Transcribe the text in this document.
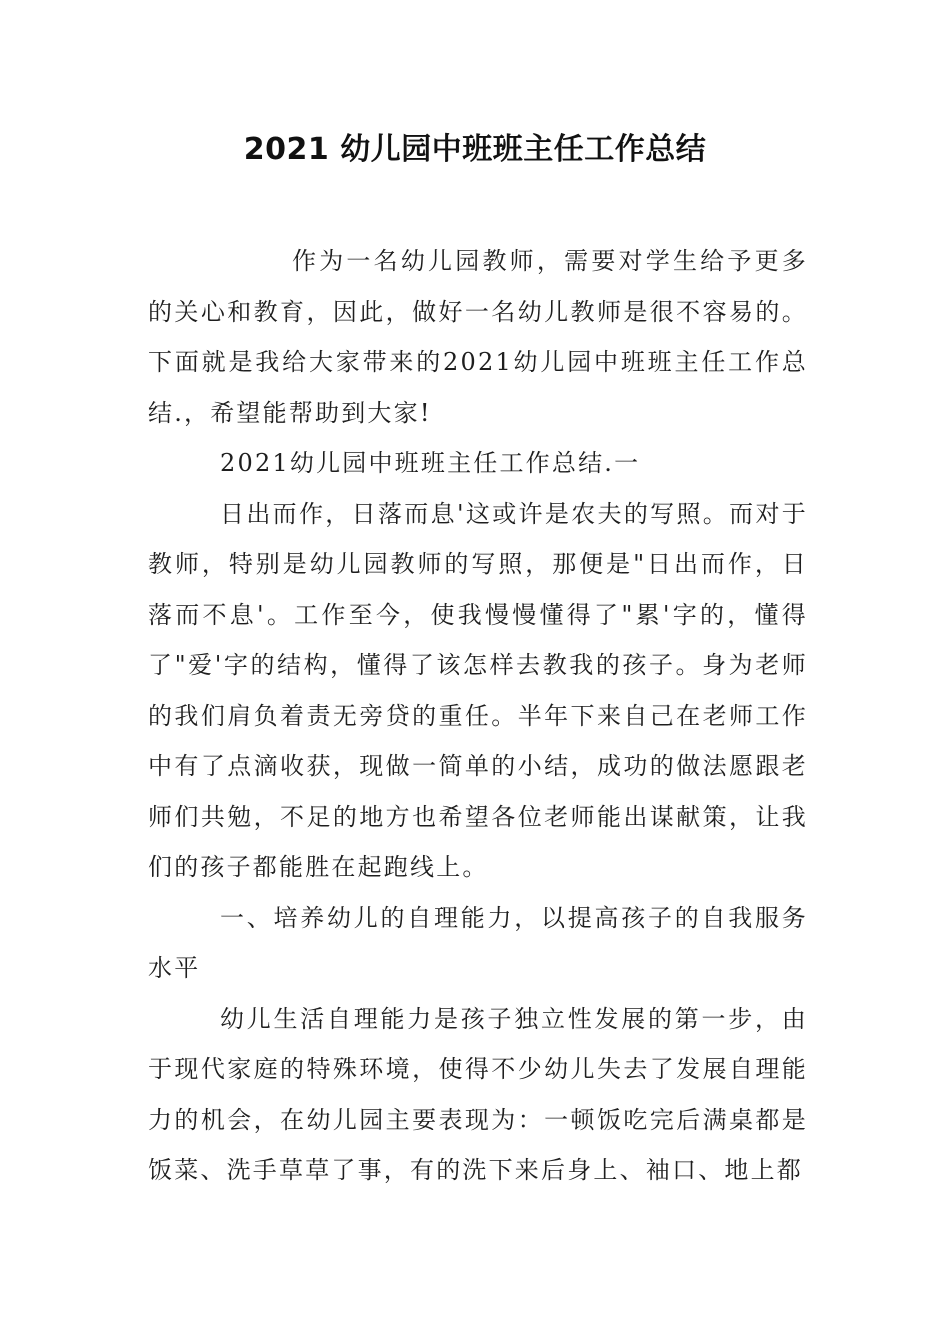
2021 幼儿园中班班主任工作总结

作为一名幼儿园教师，需要对学生给予更多的关心和教育，因此，做好一名幼儿教师是很不容易的。下面就是我给大家带来的2021幼儿园中班班主任工作总结.，希望能帮助到大家!

2021幼儿园中班班主任工作总结.一

日出而作，日落而息'这或许是农夫的写照。而对于教师，特别是幼儿园教师的写照，那便是"日出而作，日落而不息'。工作至今，使我慢慢懂得了"累'字的，懂得了"爱'字的结构，懂得了该怎样去教我的孩子。身为老师的我们肩负着责无旁贷的重任。半年下来自己在老师工作中有了点滴收获，现做一简单的小结，成功的做法愿跟老师们共勉，不足的地方也希望各位老师能出谋献策，让我们的孩子都能胜在起跑线上。

一、培养幼儿的自理能力，以提高孩子的自我服务水平

幼儿生活自理能力是孩子独立性发展的第一步，由于现代家庭的特殊环境，使得不少幼儿失去了发展自理能力的机会，在幼儿园主要表现为：一顿饭吃完后满桌都是饭菜、洗手草草了事，有的洗下来后身上、袖口、地上都
